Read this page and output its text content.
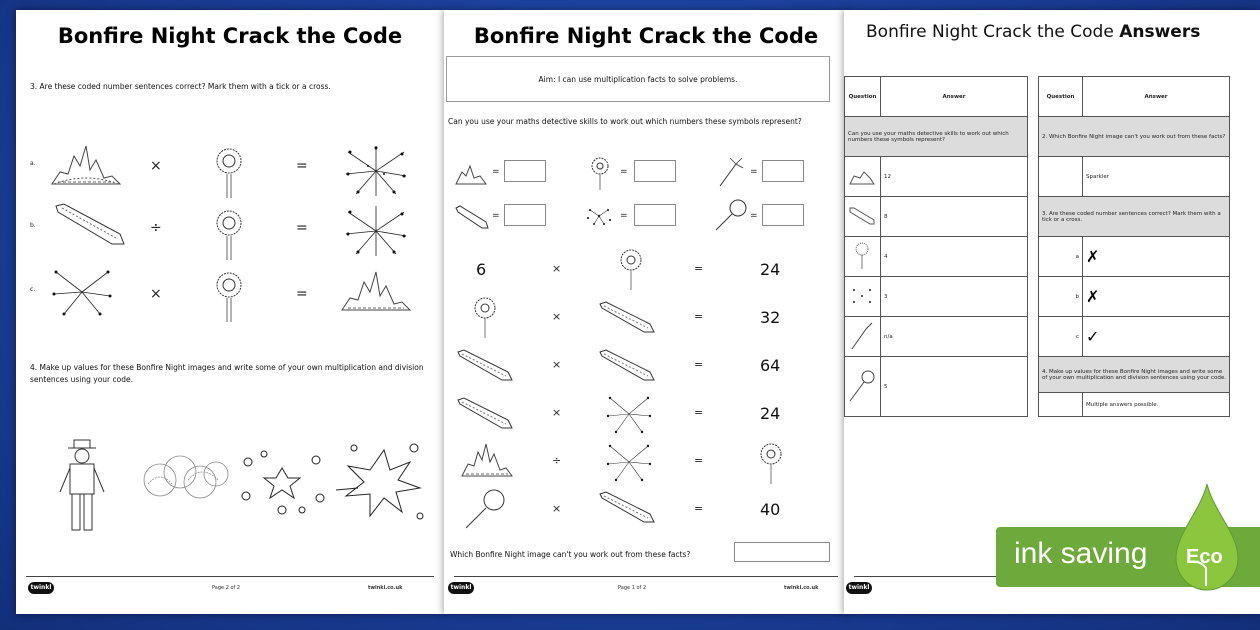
Bonfire Night Crack the Code
3. Are these coded number sentences correct? Mark them with a tick or a cross.
a.	×	=
b.	÷	=
c.	×	=
4. Make up values for these Bonfire Night images and write some of your own multiplication and division sentences using your code.
twinkl	Page 2 of 2	twinkl.co.uk
Bonfire Night Crack the Code
Aim: I can use multiplication facts to solve problems.
Can you use your maths detective skills to work out which numbers these symbols represent?
=	=	=
=	=	=
6	×	=	24
×	=	32
×	=	64
×	=	24
÷	=
×	=	40
Which Bonfire Night image can't you work out from these facts?
twinkl	Page 1 of 2	twinkl.co.uk
Bonfire Night Crack the Code Answers
Question	Answer
Can you use your maths detective skills to work out which numbers these symbols represent?	
	12
	8
	4
	3
	n/a
	5
Question	Answer
2. Which Bonfire Night image can't you work out from these facts?	
	Sparkler
3. Are these coded number sentences correct? Mark them with a tick or a cross.	
a	✗
b	✗
c	✓
4. Make up values for these Bonfire Night images and write some of your own multiplication and division sentences using your code.	
	Multiple answers possible.
twinkl
ink saving Eco
